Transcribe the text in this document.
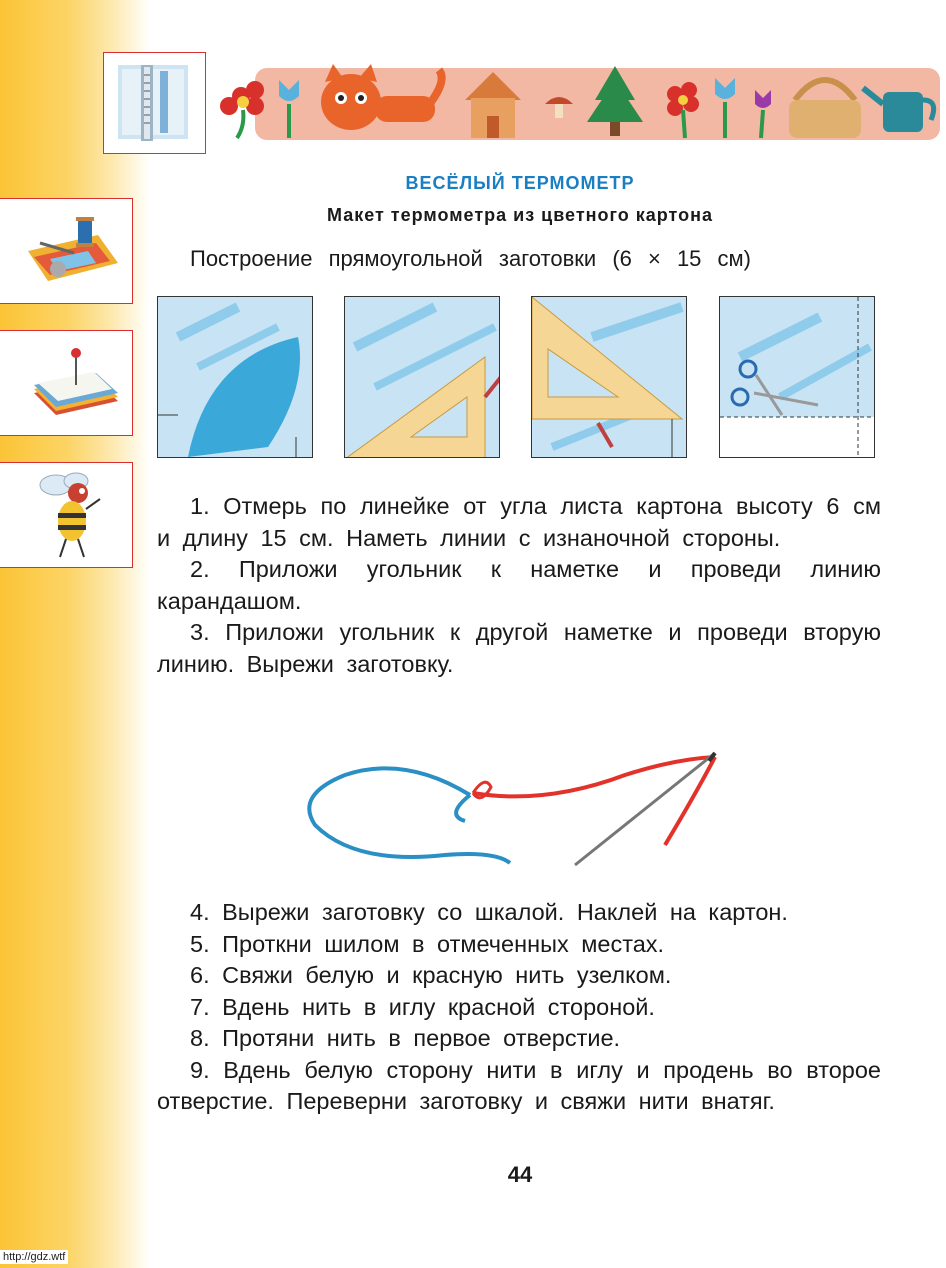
ВЕСЁЛЫЙ ТЕРМОМЕТР
Макет термометра из цветного картона
Построение прямоугольной заготовки (6 × 15 см)

1. Отмерь по линейке от угла листа картона высоту 6 см и длину 15 см. Наметь линии с изнаночной стороны.

2. Приложи угольник к наметке и проведи линию карандашом.

3. Приложи угольник к другой наметке и проведи вторую линию. Вырежи заготовку.

4. Вырежи заготовку со шкалой. Наклей на картон.

5. Проткни шилом в отмеченных местах.

6. Свяжи белую и красную нить узелком.

7. Вдень нить в иглу красной стороной.

8. Протяни нить в первое отверстие.

9. Вдень белую сторону нити в иглу и продень во второе отверстие. Переверни заготовку и свяжи нити внатяг.

44
http://gdz.wtf
